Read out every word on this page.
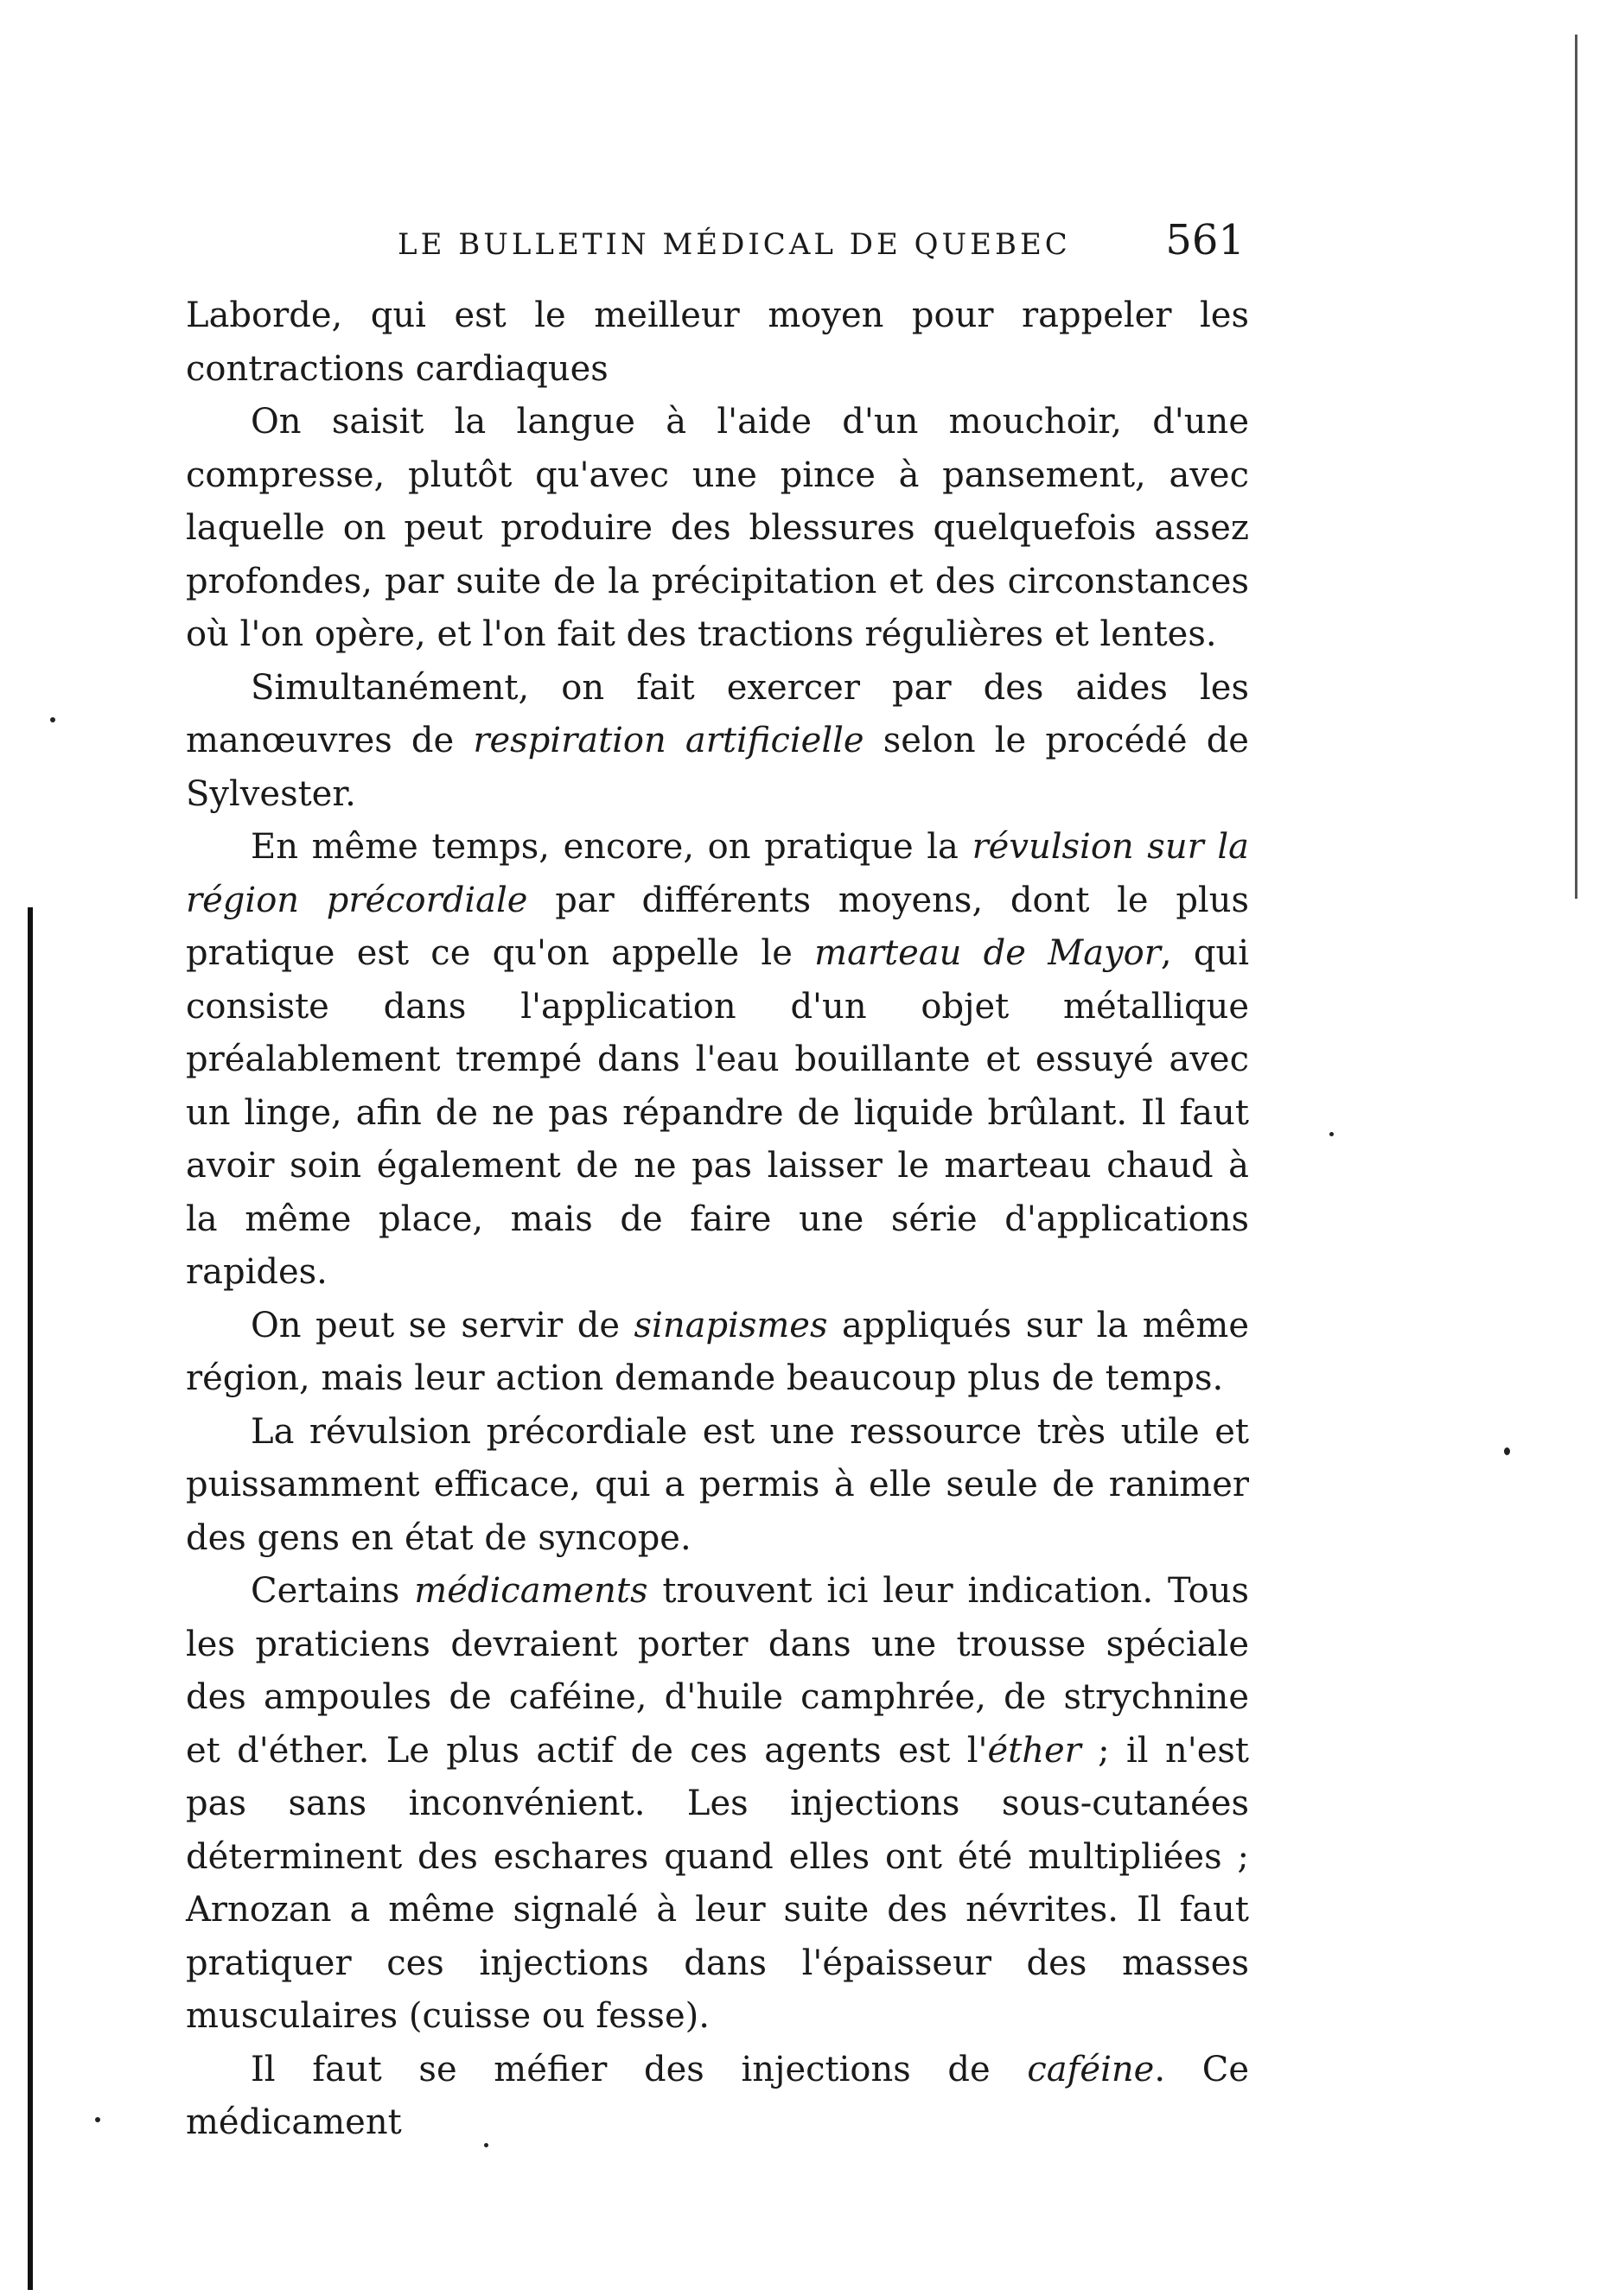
LE BULLETIN MÉDICAL DE QUEBEC 561

Laborde, qui est le meilleur moyen pour rappeler les contractions cardiaques

On saisit la langue à l'aide d'un mouchoir, d'une compresse, plutôt qu'avec une pince à pansement, avec laquelle on peut produire des blessures quelquefois assez profondes, par suite de la précipitation et des circonstances où l'on opère, et l'on fait des tractions régulières et lentes.

Simultanément, on fait exercer par des aides les manœuvres de respiration artificielle selon le procédé de Sylvester.

En même temps, encore, on pratique la révulsion sur la région précordiale par différents moyens, dont le plus pratique est ce qu'on appelle le marteau de Mayor, qui consiste dans l'application d'un objet métallique préalablement trempé dans l'eau bouillante et essuyé avec un linge, afin de ne pas répandre de liquide brûlant. Il faut avoir soin également de ne pas laisser le marteau chaud à la même place, mais de faire une série d'applications rapides.

On peut se servir de sinapismes appliqués sur la même région, mais leur action demande beaucoup plus de temps.

La révulsion précordiale est une ressource très utile et puissamment efficace, qui a permis à elle seule de ranimer des gens en état de syncope.

Certains médicaments trouvent ici leur indication. Tous les praticiens devraient porter dans une trousse spéciale des ampoules de caféine, d'huile camphrée, de strychnine et d'éther. Le plus actif de ces agents est l'éther ; il n'est pas sans inconvénient. Les injections sous-cutanées déterminent des eschares quand elles ont été multipliées ; Arnozan a même signalé à leur suite des névrites. Il faut pratiquer ces injections dans l'épaisseur des masses musculaires (cuisse ou fesse).

Il faut se méfier des injections de caféine. Ce médicament
